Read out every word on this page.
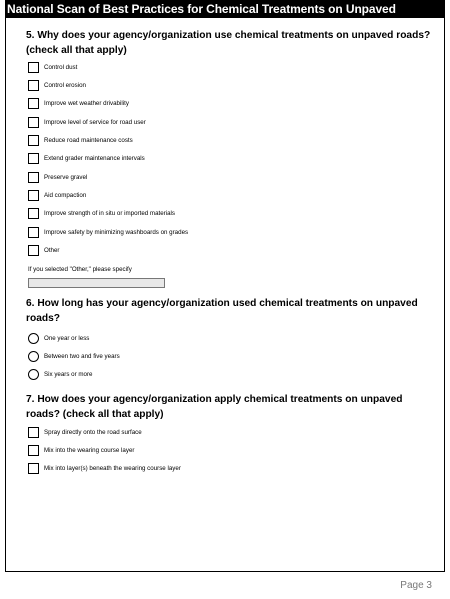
National Scan of Best Practices for Chemical Treatments on Unpaved
5. Why does your agency/organization use chemical treatments on unpaved roads? (check all that apply)
Control dust
Control erosion
Improve wet weather drivability
Improve level of service for road user
Reduce road maintenance costs
Extend grader maintenance intervals
Preserve gravel
Aid compaction
Improve strength of in situ or imported materials
Improve safety by minimizing washboards on grades
Other
If you selected "Other," please specify
6. How long has your agency/organization used chemical treatments on unpaved roads?
One year or less
Between two and five years
Six years or more
7. How does your agency/organization apply chemical treatments on unpaved roads? (check all that apply)
Spray directly onto the road surface
Mix into the wearing course layer
Mix into layer(s) beneath the wearing course layer
Page 3
